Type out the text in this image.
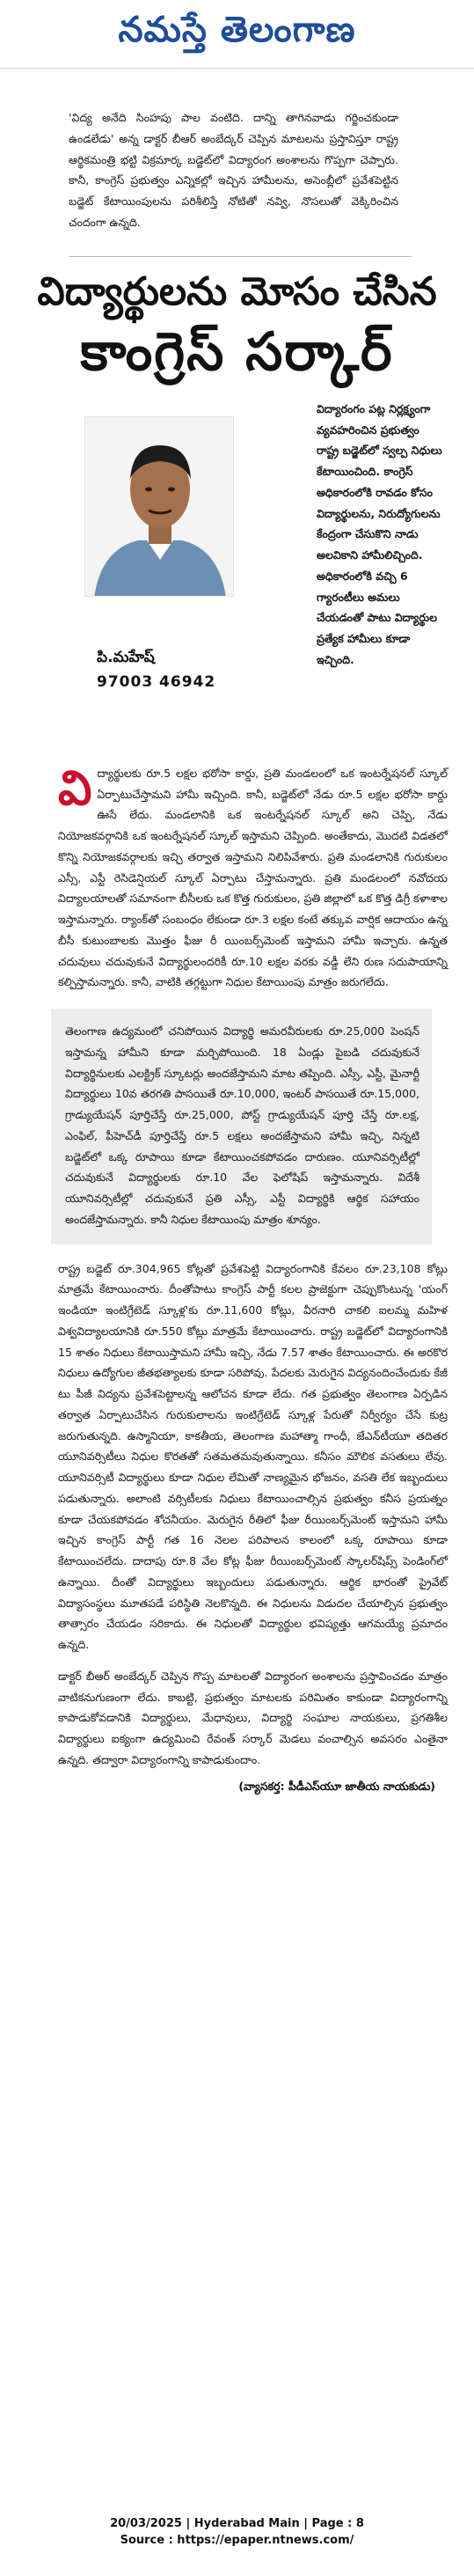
నమస్తే తెలంగాణ

'విద్య అనేది సింహపు పాల వంటిది. దాన్ని తాగినవాడు గర్జించకుండా ఉండలేడు' అన్న డాక్టర్ బీఆర్ అంబేద్కర్ చెప్పిన మాటలను ప్రస్తావిస్తూ రాష్ట్ర ఆర్థికమంత్రి భట్టి విక్రమార్క బడ్జెట్‌లో విద్యారంగ అంశాలను గొప్పగా చెప్పారు. కానీ, కాంగ్రెస్ ప్రభుత్వం ఎన్నికల్లో ఇచ్చిన హామీలను, అసెంబ్లీలో ప్రవేశపెట్టిన బడ్జెట్ కేటాయింపులను పరిశీలిస్తే నోటితో నవ్వి, నొసలుతో వెక్కిరించిన చందంగా ఉన్నది.

విద్యార్థులను మోసం చేసిన
కాంగ్రెస్ సర్కార్
పి.మహేష్
97003 46942
విద్యారంగం పట్ల నిర్లక్ష్యంగా వ్యవహరించిన ప్రభుత్వం రాష్ట్ర బడ్జెట్‌లో స్వల్ప నిధులు కేటాయించింది. కాంగ్రెస్ అధికారంలోకి రావడం కోసం విద్యార్థులను, నిరుద్యోగులను కేంద్రంగా చేసుకొని నాడు అలవికాని హామీలిచ్చింది. అధికారంలోకి వచ్చి 6 గ్యారంటీలు అమలు చేయడంతో పాటు విద్యార్థుల ప్రత్యేక హామీలు కూడా ఇచ్చింది.

విద్యార్థులకు రూ.5 లక్షల భరోసా కార్డు, ప్రతి మండలంలో ఒక ఇంటర్నేషనల్ స్కూల్ ఏర్పాటుచేస్తామని హామీ ఇచ్చింది. కానీ, బడ్జెట్‌లో నేడు రూ.5 లక్షల భరోసా కార్డు ఊసే లేదు. మండలానికి ఒక ఇంటర్నేషనల్ స్కూల్ అని చెప్పి, నేడు నియోజకవర్గానికి ఒక ఇంటర్నేషనల్ స్కూల్ ఇస్తామని చెప్పింది. అంతేకాదు, మొదటి విడతలో కొన్ని నియోజకవర్గాలకు ఇచ్చి తర్వాత ఇస్తామని నిలిపివేశారు. ప్రతి మండలానికి గురుకులం ఎస్సీ, ఎస్టీ రెసిడెన్షియల్ స్కూల్ ఏర్పాటు చేస్తామన్నారు. ప్రతి మండలంలో నవోదయ విద్యాలయాలతో సమానంగా బీసీలకు ఒక కొత్త గురుకులం, ప్రతి జిల్లాలో ఒక కొత్త డిగ్రీ కళాశాల ఇస్తామన్నారు. ర్యాంక్‌తో సంబంధం లేకుండా రూ.3 లక్షల కంటే తక్కువ వార్షిక ఆదాయం ఉన్న బీసీ కుటుంబాలకు మొత్తం ఫీజు రీ యింబర్స్‌మెంట్ ఇస్తామని హామీ ఇచ్చారు. ఉన్నత చదువులు చదువుకునే విద్యార్థులందరికీ రూ.10 లక్షల వరకు వడ్డీ లేని రుణ సదుపాయాన్ని కల్పిస్తామన్నారు. కానీ, వాటికి తగ్గట్టుగా నిధుల కేటాయింపు మాత్రం జరుగలేదు.

తెలంగాణ ఉద్యమంలో చనిపోయిన విద్యార్థి అమరవీరులకు రూ.25,000 పెంషన్ ఇస్తామన్న హామీని కూడా మర్చిపోయింది. 18 ఏండ్లు పైబడి చదువుకునే విద్యార్థినులకు ఎలక్ట్రిక్ స్కూటర్లు అందజేస్తామని మాట తప్పింది. ఎస్సీ, ఎస్టీ, మైనార్టీ విద్యార్థులు 10వ తరగతి పాసయితే రూ.10,000, ఇంటర్ పాసయితే రూ.15,000, గ్రాడ్యుయేషన్ పూర్తిచేస్తే రూ.25,000, పోస్ట్ గ్రాడ్యుయేషన్ పూర్తి చేస్తే రూ.లక్ష, ఎంఫిల్, పీహెచ్‌డీ పూర్తిచేస్తే రూ.5 లక్షలు అందజేస్తామని హామీ ఇచ్చి, నిన్నటి బడ్జెట్‌లో ఒక్క రూపాయి కూడా కేటాయించకపోవడం దారుణం. యూనివర్సిటీల్లో చదువుకునే విద్యార్థులకు రూ.10 వేల ఫెలోషిప్ ఇస్తామన్నారు. విదేశీ యూనివర్సిటీల్లో చదువుకునే ప్రతి ఎస్సీ, ఎస్టీ విద్యార్థికి ఆర్థిక సహాయం అందజేస్తామన్నారు. కానీ నిధుల కేటాయింపు మాత్రం శూన్యం.

రాష్ట్ర బడ్జెట్ రూ.304,965 కోట్లతో ప్రవేశపెట్టి విద్యారంగానికి కేవలం రూ.23,108 కోట్లు మాత్రమే కేటాయించారు. దీంతోపాటు కాంగ్రెస్ పార్టీ కలల ప్రాజెక్టుగా చెప్పుకొంటున్న 'యంగ్ ఇండియా ఇంటిగ్రేటెడ్ స్కూళ్ల'కు రూ.11,600 కోట్లు, వీరనారి చాకలి ఐలమ్మ మహిళ విశ్వవిద్యాలయానికి రూ.550 కోట్లు మాత్రమే కేటాయించారు. రాష్ట్ర బడ్జెట్‌లో విద్యారంగానికి 15 శాతం నిధులు కేటాయిస్తామని హామీ ఇచ్చి, నేడు 7.57 శాతం కేటాయించారు. ఈ అరకొర నిధులు ఉద్యోగుల జీతభత్యాలకు కూడా సరిపోవు. పేదలకు మెరుగైన విద్యనందించేందుకు కేజీ టు పీజీ విద్యను ప్రవేశపెట్టాలన్న ఆలోచన కూడా లేదు. గత ప్రభుత్వం తెలంగాణ ఏర్పడిన తర్వాత ఏర్పాటుచేసిన గురుకులాలను ఇంటిగ్రేటెడ్ స్కూళ్ల పేరుతో నిర్వీర్యం చేసే కుట్ర జరుగుతున్నది. ఉస్మానియా, కాకతీయ, తెలంగాణ మహాత్మా గాంధీ, జేఎన్‌టీయూ తదితర యూనివర్సిటీలు నిధుల కొరతతో సతమతమవుతున్నాయి. కనీసం మౌలిక వసతులు లేవు. యూనివర్సిటీ విద్యార్థులు కూడా నిధుల లేమితో నాణ్యమైన భోజనం, వసతి లేక ఇబ్బందులు పడుతున్నారు. అలాంటి వర్సిటీలకు నిధులు కేటాయించాల్సిన ప్రభుత్వం కనీస ప్రయత్నం కూడా చేయకపోవడం శోచనీయం. మెరుగైన రీతిలో ఫీజు రీయింబర్స్‌మెంట్ ఇస్తామని హామీ ఇచ్చిన కాంగ్రెస్ పార్టీ గత 16 నెలల పరిపాలన కాలంలో ఒక్క రూపాయి కూడా కేటాయించలేదు. దాదాపు రూ.8 వేల కోట్ల ఫీజు రీయింబర్స్‌మెంట్ స్కాలర్‌షిప్స్ పెండింగ్‌లో ఉన్నాయి. దీంతో విద్యార్థులు ఇబ్బందులు పడుతున్నారు. ఆర్థిక భారంతో ప్రైవేట్ విద్యాసంస్థలు మూతపడే పరిస్థితి నెలకొన్నది. ఈ నిధులను విడుదల చేయాల్సిన ప్రభుత్వం తాత్సారం చేయడం సరికాదు. ఈ నిధులతో విద్యార్థుల భవిష్యత్తు ఆగమయ్యే ప్రమాదం ఉన్నది.

డాక్టర్ బీఆర్ అంబేద్కర్ చెప్పిన గొప్ప మాటలతో విద్యారంగ అంశాలను ప్రస్తావించడం మాత్రం వాటికనుగుణంగా లేదు. కాబట్టి, ప్రభుత్వం మాటలకు పరిమితం కాకుండా విద్యారంగాన్ని కాపాడుకోవడానికి విద్యార్థులు, మేధావులు, విద్యార్థి సంఘాల నాయకులు, ప్రగతిశీల విద్యార్థులు ఐక్యంగా ఉద్యమించి రేవంత్ సర్కార్ మెడలు వంచాల్సిన అవసరం ఎంతైనా ఉన్నది. తద్వారా విద్యారంగాన్ని కాపాడుకుందాం.

(వ్యాసకర్త: పీడీఎస్‌యూ జాతీయ నాయకుడు)
20/03/2025 | Hyderabad Main | Page : 8
Source : https://epaper.ntnews.com/
